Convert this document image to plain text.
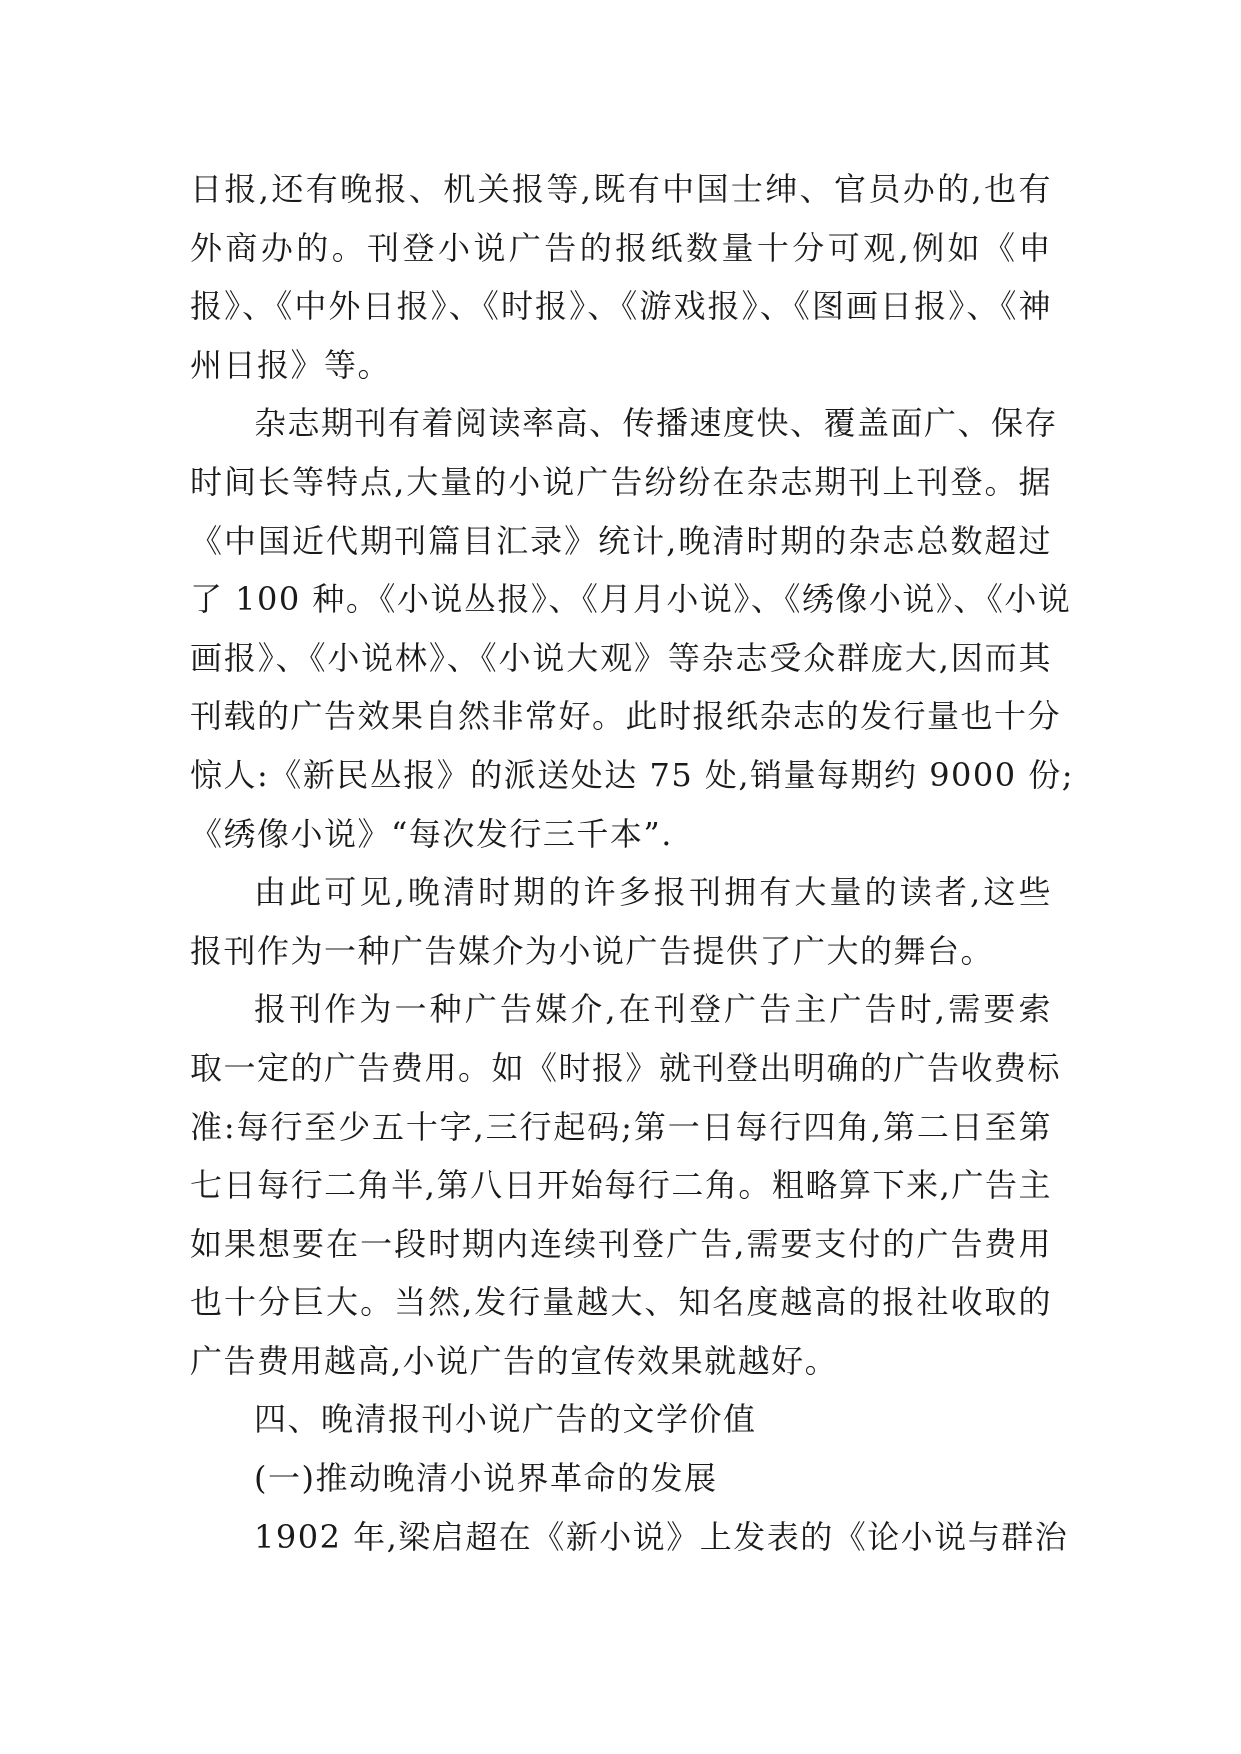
日报,还有晚报、机关报等,既有中国士绅、官员办的,也有
外商办的。刊登小说广告的报纸数量十分可观,例如《申
报》、《中外日报》、《时报》、《游戏报》、《图画日报》、《神
州日报》等。
杂志期刊有着阅读率高、传播速度快、覆盖面广、保存
时间长等特点,大量的小说广告纷纷在杂志期刊上刊登。据
《中国近代期刊篇目汇录》统计,晚清时期的杂志总数超过
了 100 种。《小说丛报》、《月月小说》、《绣像小说》、《小说
画报》、《小说林》、《小说大观》等杂志受众群庞大,因而其
刊载的广告效果自然非常好。此时报纸杂志的发行量也十分
惊人:《新民丛报》的派送处达 75 处,销量每期约 9000 份;
《绣像小说》“每次发行三千本”.
由此可见,晚清时期的许多报刊拥有大量的读者,这些
报刊作为一种广告媒介为小说广告提供了广大的舞台。
报刊作为一种广告媒介,在刊登广告主广告时,需要索
取一定的广告费用。如《时报》就刊登出明确的广告收费标
准:每行至少五十字,三行起码;第一日每行四角,第二日至第
七日每行二角半,第八日开始每行二角。粗略算下来,广告主
如果想要在一段时期内连续刊登广告,需要支付的广告费用
也十分巨大。当然,发行量越大、知名度越高的报社收取的
广告费用越高,小说广告的宣传效果就越好。
四、晚清报刊小说广告的文学价值
(一)推动晚清小说界革命的发展
1902 年,梁启超在《新小说》上发表的《论小说与群治
